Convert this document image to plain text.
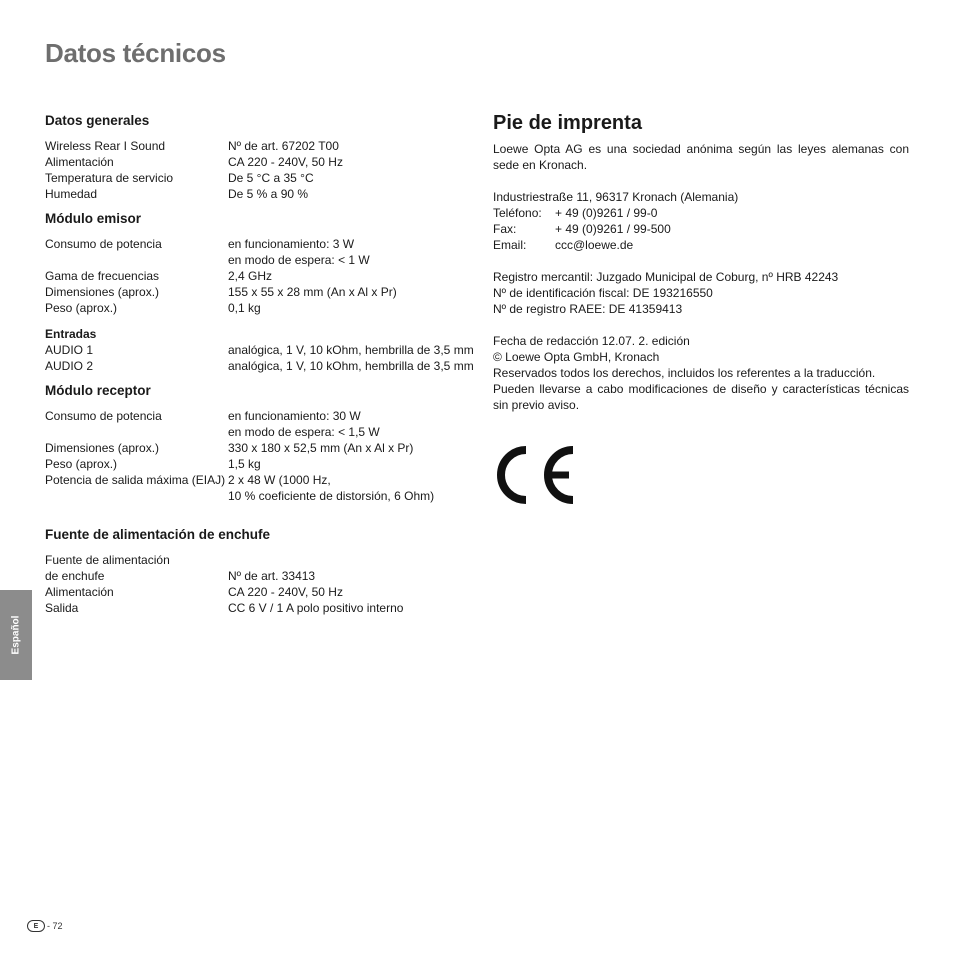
Datos técnicos
Datos generales
Wireless Rear I Sound	Nº de art. 67202 T00
Alimentación	CA 220 - 240V, 50 Hz
Temperatura de servicio	De 5 °C a 35 °C
Humedad	De 5 % a 90 %
Módulo emisor
Consumo de potencia	en funcionamiento: 3 W
en modo de espera: < 1 W
Gama de frecuencias	2,4 GHz
Dimensiones (aprox.)	155 x 55 x 28 mm (An x Al x Pr)
Peso (aprox.)	0,1 kg
Entradas
AUDIO 1	analógica, 1 V, 10 kOhm, hembrilla de 3,5 mm
AUDIO 2	analógica, 1 V, 10 kOhm, hembrilla de 3,5 mm
Módulo receptor
Consumo de potencia	en funcionamiento: 30 W
en modo de espera: < 1,5 W
Dimensiones (aprox.)	330 x 180 x 52,5 mm (An x Al x Pr)
Peso (aprox.)	1,5 kg
Potencia de salida máxima (EIAJ) 2 x 48 W (1000 Hz,
10 % coeficiente de distorsión, 6 Ohm)
Fuente de alimentación de enchufe
Fuente de alimentación
de enchufe	Nº de art. 33413
Alimentación	CA 220 - 240V, 50 Hz
Salida	CC 6 V / 1 A polo positivo interno
Pie de imprenta
Loewe Opta AG es una sociedad anónima según las leyes alemanas con sede en Kronach.
Industriestraße 11, 96317 Kronach (Alemania)
Teléfono:	+ 49 (0)9261 / 99-0
Fax:	+ 49 (0)9261 / 99-500
Email:	ccc@loewe.de
Registro mercantil: Juzgado Municipal de Coburg, nº HRB 42243
Nº de identificación fiscal: DE 193216550
Nº de registro RAEE: DE 41359413
Fecha de redacción 12.07. 2. edición
© Loewe Opta GmbH, Kronach
Reservados todos los derechos, incluidos los referentes a la traducción.
Pueden llevarse a cabo modificaciones de diseño y características técnicas sin previo aviso.
Español
E - 72
